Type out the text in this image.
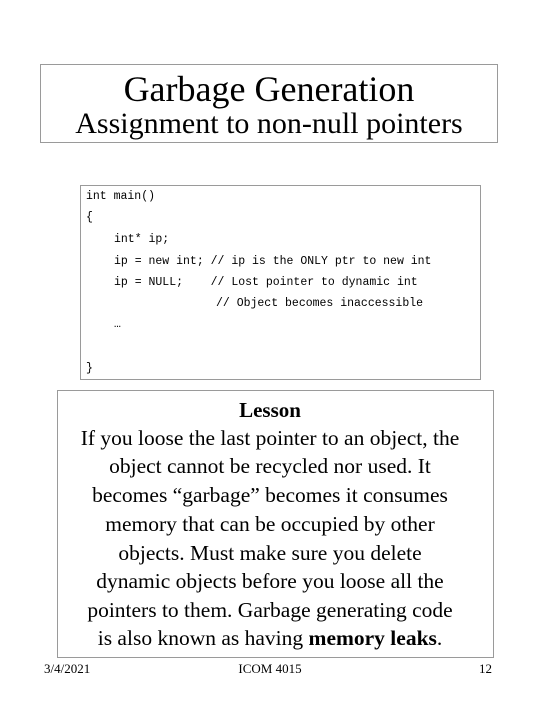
Garbage Generation
Assignment to non-null pointers
int main()
{
int* ip;
ip = new int; // ip is the ONLY ptr to new int
ip = NULL;    // Lost pointer to dynamic int
// Object becomes inaccessible
…
}
Lesson
If you loose the last pointer to an object, the
object cannot be recycled nor used. It
becomes “garbage” becomes it consumes
memory that can be occupied by other
objects. Must make sure you delete
dynamic objects before you loose all the
pointers to them. Garbage generating code
is also known as having memory leaks.
3/4/2021	ICOM 4015	12
